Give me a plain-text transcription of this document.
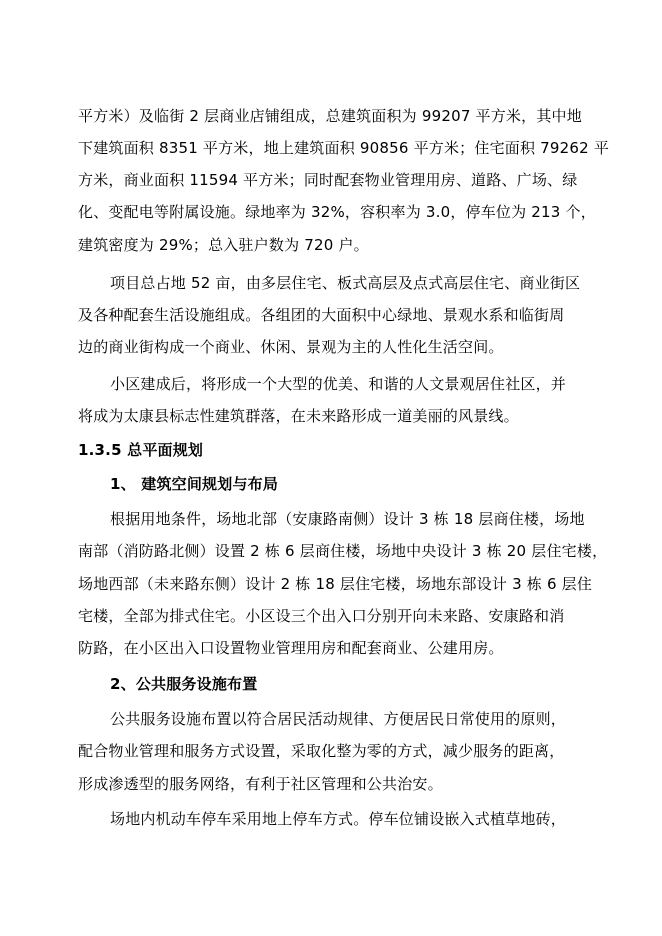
平方米）及临街 2 层商业店铺组成，总建筑面积为 99207 平方米，其中地
下建筑面积 8351 平方米，地上建筑面积 90856 平方米；住宅面积 79262 平
方米，商业面积 11594 平方米；同时配套物业管理用房、道路、广场、绿
化、变配电等附属设施。绿地率为 32%，容积率为 3.0，停车位为 213 个，
建筑密度为 29%；总入驻户数为 720 户。
项目总占地 52 亩，由多层住宅、板式高层及点式高层住宅、商业街区
及各种配套生活设施组成。各组团的大面积中心绿地、景观水系和临街周
边的商业街构成一个商业、休闲、景观为主的人性化生活空间。
小区建成后，将形成一个大型的优美、和谐的人文景观居住社区，并
将成为太康县标志性建筑群落，在未来路形成一道美丽的风景线。
1.3.5 总平面规划
1、 建筑空间规划与布局
根据用地条件，场地北部（安康路南侧）设计 3 栋 18 层商住楼，场地
南部（消防路北侧）设置 2 栋 6 层商住楼，场地中央设计 3 栋 20 层住宅楼，
场地西部（未来路东侧）设计 2 栋 18 层住宅楼，场地东部设计 3 栋 6 层住
宅楼，全部为排式住宅。小区设三个出入口分别开向未来路、安康路和消
防路，在小区出入口设置物业管理用房和配套商业、公建用房。
2、公共服务设施布置
公共服务设施布置以符合居民活动规律、方便居民日常使用的原则，
配合物业管理和服务方式设置，采取化整为零的方式，减少服务的距离，
形成渗透型的服务网络，有利于社区管理和公共治安。
场地内机动车停车采用地上停车方式。停车位铺设嵌入式植草地砖，
